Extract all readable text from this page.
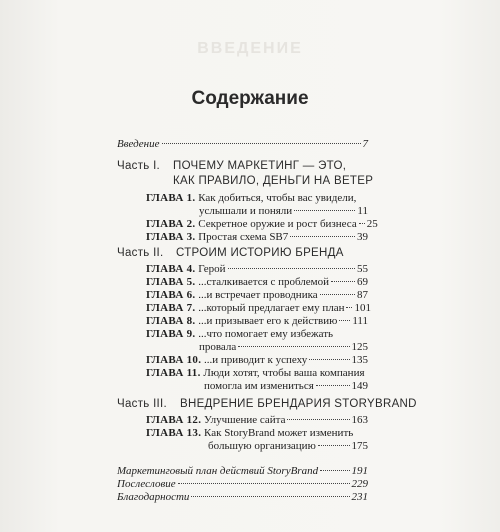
ВВЕДЕНИЕ
Содержание
Введение	7
Часть I. ПОЧЕМУ МАРКЕТИНГ — ЭТО,
КАК ПРАВИЛО, ДЕНЬГИ НА ВЕТЕР
ГЛАВА 1. Как добиться, чтобы вас увидели,
услышали и поняли	11
ГЛАВА 2. Секретное оружие и рост бизнеса 25
ГЛАВА 3. Простая схема SB7	39
Часть II. СТРОИМ ИСТОРИЮ БРЕНДА
ГЛАВА 4. Герой	55
ГЛАВА 5. ...сталкивается с проблемой	69
ГЛАВА 6. ...и встречает проводника	87
ГЛАВА 7. ...который предлагает ему план 101
ГЛАВА 8. ...и призывает его к действию 111
ГЛАВА 9. ...что помогает ему избежать
провала	125
ГЛАВА 10. ...и приводит к успеху	135
ГЛАВА 11. Люди хотят, чтобы ваша компания
помогла им измениться	149
Часть III. ВНЕДРЕНИЕ БРЕНДАРИЯ STORYBRAND
ГЛАВА 12. Улучшение сайта	163
ГЛАВА 13. Как StoryBrand может изменить
большую организацию	175
Маркетинговый план действий StoryBrand	191
Послесловие	229
Благодарности	231
